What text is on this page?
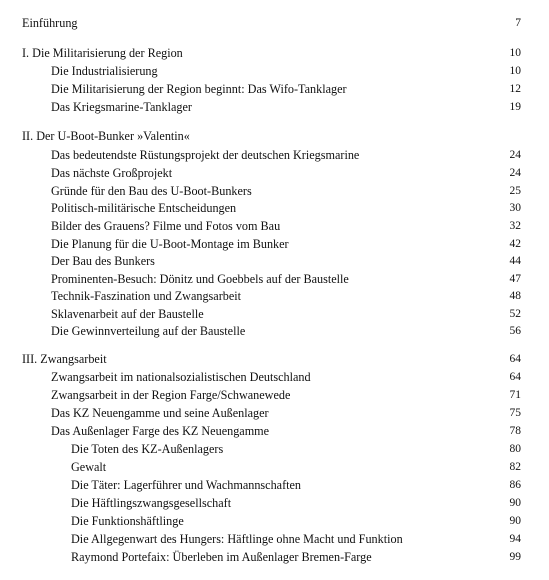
Einführung	7
I. Die Militarisierung der Region	10
Die Industrialisierung	10
Die Militarisierung der Region beginnt: Das Wifo-Tanklager	12
Das Kriegsmarine-Tanklager	19
II. Der U-Boot-Bunker »Valentin«
Das bedeutendste Rüstungsprojekt der deutschen Kriegsmarine	24
Das nächste Großprojekt	24
Gründe für den Bau des U-Boot-Bunkers	25
Politisch-militärische Entscheidungen	30
Bilder des Grauens? Filme und Fotos vom Bau	32
Die Planung für die U-Boot-Montage im Bunker	42
Der Bau des Bunkers	44
Prominenten-Besuch: Dönitz und Goebbels auf der Baustelle	47
Technik-Faszination und Zwangsarbeit	48
Sklavenarbeit auf der Baustelle	52
Die Gewinnverteilung auf der Baustelle	56
III. Zwangsarbeit	64
Zwangsarbeit im nationalsozialistischen Deutschland	64
Zwangsarbeit in der Region Farge/Schwanewede	71
Das KZ Neuengamme und seine Außenlager	75
Das Außenlager Farge des KZ Neuengamme	78
Die Toten des KZ-Außenlagers	80
Gewalt	82
Die Täter: Lagerführer und Wachmannschaften	86
Die Häftlingszwangsgesellschaft	90
Die Funktionshäftlinge	90
Die Allgegenwart des Hungers: Häftlinge ohne Macht und Funktion	94
Raymond Portefaix: Überleben im Außenlager Bremen-Farge	99
